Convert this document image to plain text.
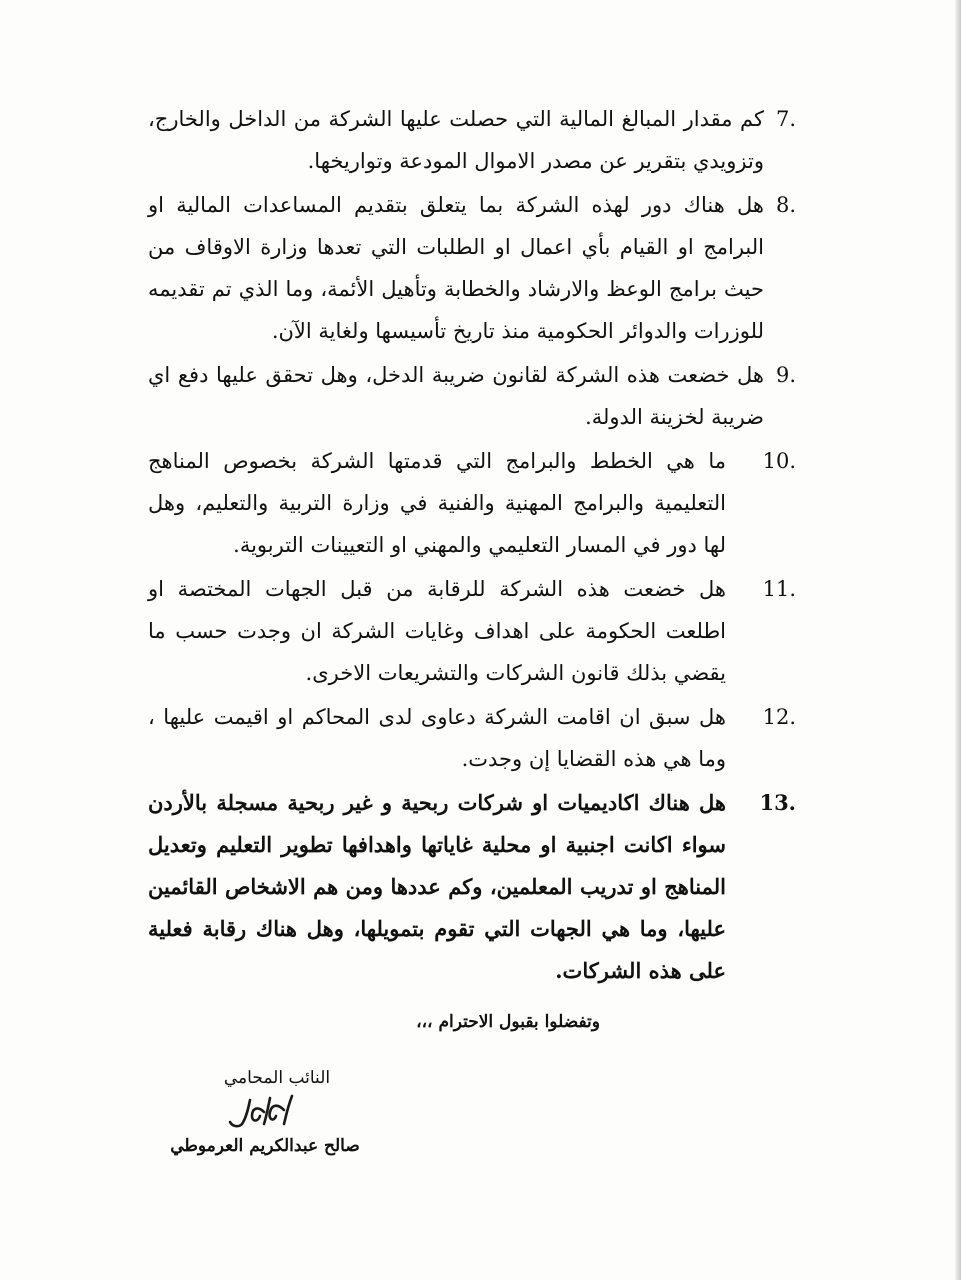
7.
كم مقدار المبالغ المالية التي حصلت عليها الشركة من الداخل والخارج، وتزويدي بتقرير عن مصدر الاموال المودعة وتواريخها.
8.
هل هناك دور لهذه الشركة بما يتعلق بتقديم المساعدات المالية او البرامج او القيام بأي اعمال او الطلبات التي تعدها وزارة الاوقاف من حيث برامج الوعظ والارشاد والخطابة وتأهيل الأئمة، وما الذي تم تقديمه للوزرات والدوائر الحكومية منذ تاريخ تأسيسها ولغاية الآن.
9.
هل خضعت هذه الشركة لقانون ضريبة الدخل، وهل تحقق عليها دفع اي ضريبة لخزينة الدولة.
10.
ما هي الخطط والبرامج التي قدمتها الشركة بخصوص المناهج التعليمية والبرامج المهنية والفنية في وزارة التربية والتعليم، وهل لها دور في المسار التعليمي والمهني او التعيينات التربوية.
11.
هل خضعت هذه الشركة للرقابة من قبل الجهات المختصة او اطلعت الحكومة على اهداف وغايات الشركة ان وجدت حسب ما يقضي بذلك قانون الشركات والتشريعات الاخرى.
12.
هل سبق ان اقامت الشركة دعاوى لدى المحاكم او اقيمت عليها ، وما هي هذه القضايا إن وجدت.
13.
هل هناك اكاديميات او شركات ربحية و غير ربحية مسجلة بالأردن سواء اكانت اجنبية او محلية غاياتها واهدافها تطوير التعليم وتعديل المناهج او تدريب المعلمين، وكم عددها ومن هم الاشخاص القائمين عليها، وما هي الجهات التي تقوم بتمويلها، وهل هناك رقابة فعلية على هذه الشركات.
وتفضلوا بقبول الاحترام ،،،
النائب المحامي
صالح عبدالكريم العرموطي
